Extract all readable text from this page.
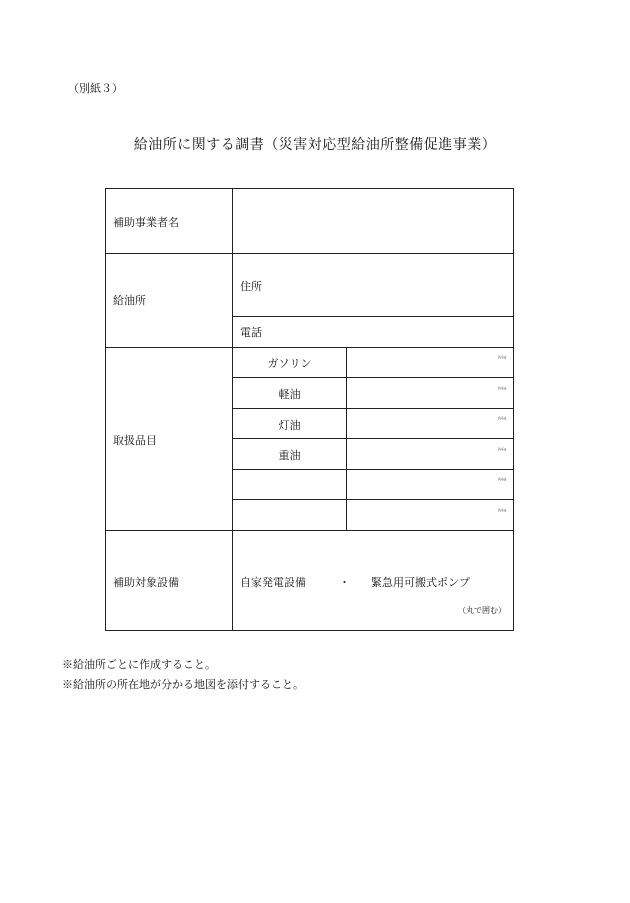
（別紙３）
給油所に関する調書（災害対応型給油所整備促進事業）
補助事業者名
給油所
住所
電話
取扱品目
補助対象設備
ガソリン
軽油
灯油
重油
ﾘｯﾄﾙ
ﾘｯﾄﾙ
ﾘｯﾄﾙ
ﾘｯﾄﾙ
ﾘｯﾄﾙ
ﾘｯﾄﾙ
自家発電設備	・ 緊急用可搬式ポンプ
（丸で囲む）
※給油所ごとに作成すること。
※給油所の所在地が分かる地図を添付すること。
